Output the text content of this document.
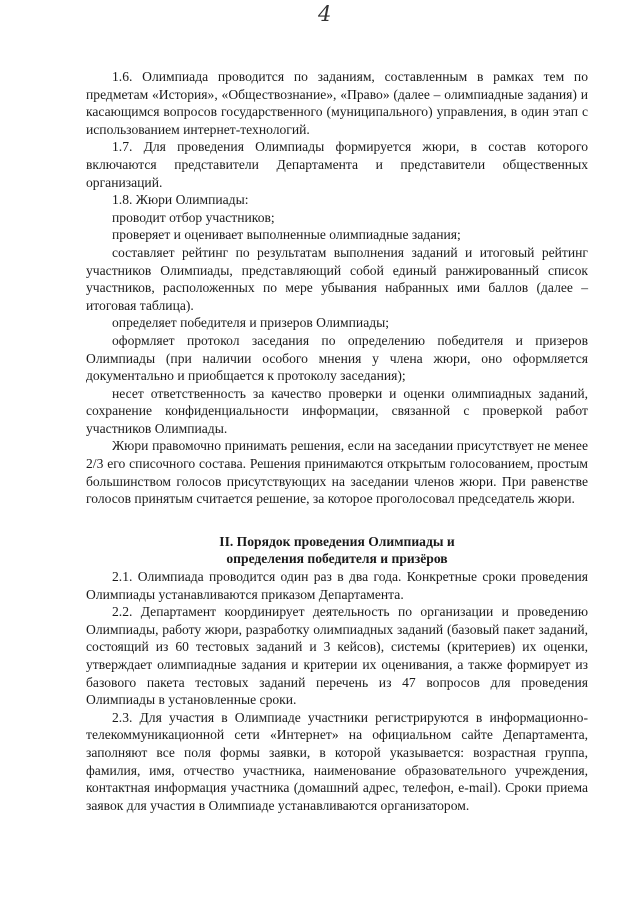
4

1.6. Олимпиада проводится по заданиям, составленным в рамках тем по предметам «История», «Обществознание», «Право» (далее – олимпиадные задания) и касающимся вопросов государственного (муниципального) управления, в один этап с использованием интернет-технологий.

1.7. Для проведения Олимпиады формируется жюри, в состав которого включаются представители Департамента и представители общественных организаций.

1.8. Жюри Олимпиады:

проводит отбор участников;

проверяет и оценивает выполненные олимпиадные задания;

составляет рейтинг по результатам выполнения заданий и итоговый рейтинг участников Олимпиады, представляющий собой единый ранжированный список участников, расположенных по мере убывания набранных ими баллов (далее – итоговая таблица).

определяет победителя и призеров Олимпиады;

оформляет протокол заседания по определению победителя и призеров Олимпиады (при наличии особого мнения у члена жюри, оно оформляется документально и приобщается к протоколу заседания);

несет ответственность за качество проверки и оценки олимпиадных заданий, сохранение конфиденциальности информации, связанной с проверкой работ участников Олимпиады.

Жюри правомочно принимать решения, если на заседании присутствует не менее 2/3 его списочного состава. Решения принимаются открытым голосованием, простым большинством голосов присутствующих на заседании членов жюри. При равенстве голосов принятым считается решение, за которое проголосовал председатель жюри.

II. Порядок проведения Олимпиады и
определения победителя и призёров

2.1. Олимпиада проводится один раз в два года. Конкретные сроки проведения Олимпиады устанавливаются приказом Департамента.

2.2. Департамент координирует деятельность по организации и проведению Олимпиады, работу жюри, разработку олимпиадных заданий (базовый пакет заданий, состоящий из 60 тестовых заданий и 3 кейсов), системы (критериев) их оценки, утверждает олимпиадные задания и критерии их оценивания, а также формирует из базового пакета тестовых заданий перечень из 47 вопросов для проведения Олимпиады в установленные сроки.

2.3. Для участия в Олимпиаде участники регистрируются в информационно-телекоммуникационной сети «Интернет» на официальном сайте Департамента, заполняют все поля формы заявки, в которой указывается: возрастная группа, фамилия, имя, отчество участника, наименование образовательного учреждения, контактная информация участника (домашний адрес, телефон, e-mail). Сроки приема заявок для участия в Олимпиаде устанавливаются организатором.
